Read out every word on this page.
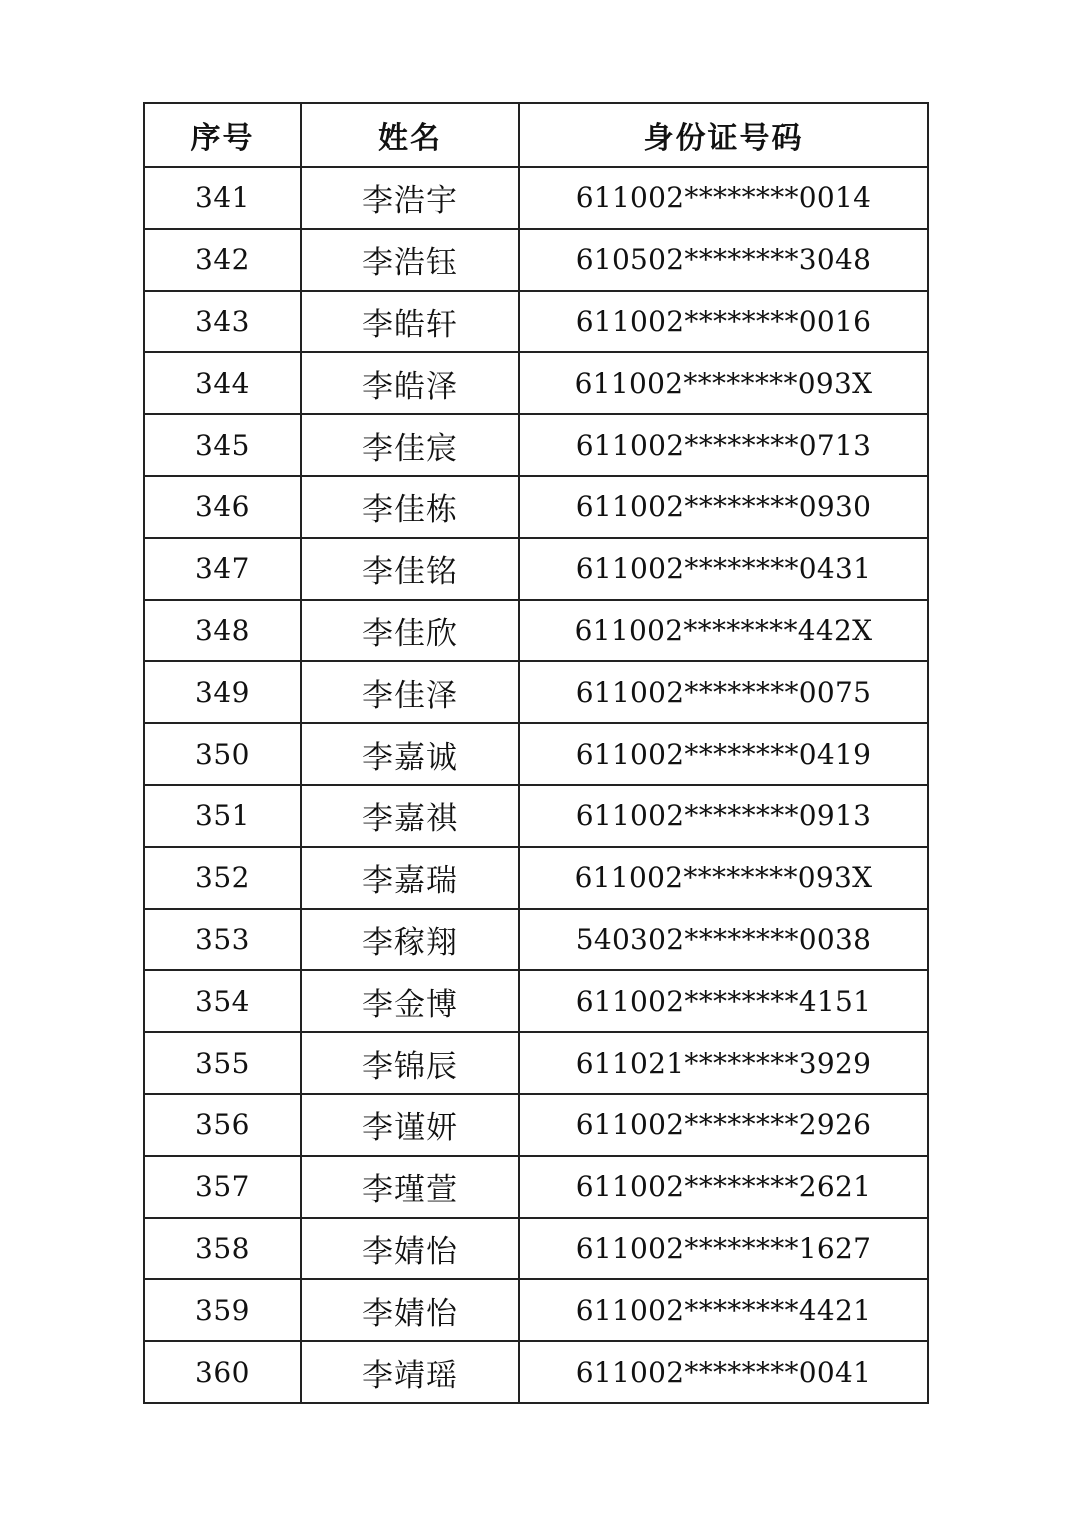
序号	姓名	身份证号码
341	李浩宇	611002********0014
342	李浩钰	610502********3048
343	李皓轩	611002********0016
344	李皓泽	611002********093X
345	李佳宸	611002********0713
346	李佳栋	611002********0930
347	李佳铭	611002********0431
348	李佳欣	611002********442X
349	李佳泽	611002********0075
350	李嘉诚	611002********0419
351	李嘉祺	611002********0913
352	李嘉瑞	611002********093X
353	李稼翔	540302********0038
354	李金博	611002********4151
355	李锦辰	611021********3929
356	李谨妍	611002********2926
357	李瑾萱	611002********2621
358	李婧怡	611002********1627
359	李婧怡	611002********4421
360	李靖瑶	611002********0041
